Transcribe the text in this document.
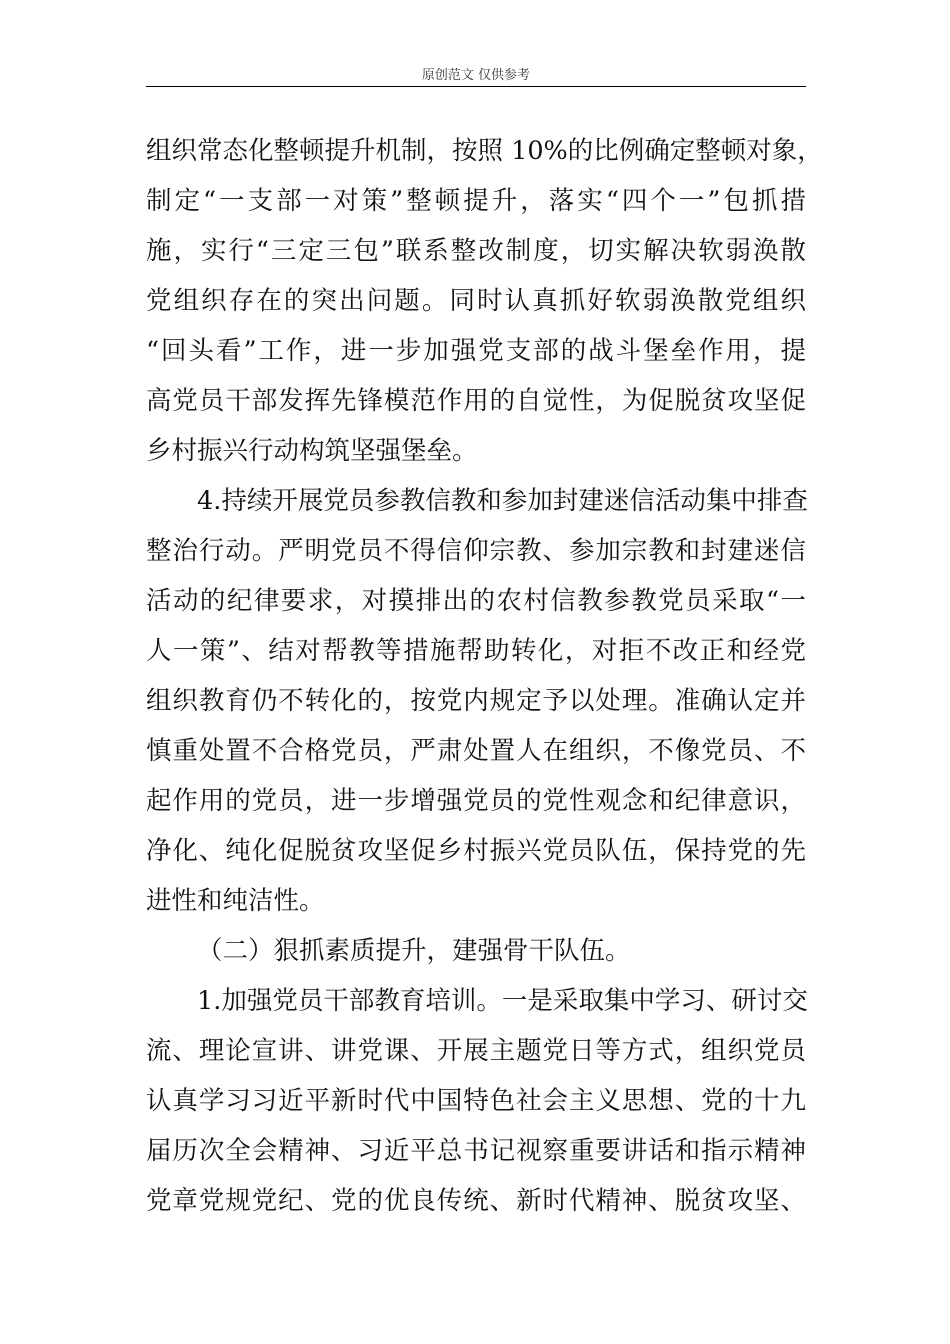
原创范文 仅供参考
组织常态化整顿提升机制，按照 10%的比例确定整顿对象，
制定“一支部一对策”整顿提升，落实“四个一”包抓措
施，实行“三定三包”联系整改制度，切实解决软弱涣散
党组织存在的突出问题。同时认真抓好软弱涣散党组织
“回头看”工作，进一步加强党支部的战斗堡垒作用，提
高党员干部发挥先锋模范作用的自觉性，为促脱贫攻坚促
乡村振兴行动构筑坚强堡垒。
4.持续开展党员参教信教和参加封建迷信活动集中排查
整治行动。严明党员不得信仰宗教、参加宗教和封建迷信
活动的纪律要求，对摸排出的农村信教参教党员采取“一
人一策”、结对帮教等措施帮助转化，对拒不改正和经党
组织教育仍不转化的，按党内规定予以处理。准确认定并
慎重处置不合格党员，严肃处置人在组织，不像党员、不
起作用的党员，进一步增强党员的党性观念和纪律意识，
净化、纯化促脱贫攻坚促乡村振兴党员队伍，保持党的先
进性和纯洁性。
（二）狠抓素质提升，建强骨干队伍。
1.加强党员干部教育培训。一是采取集中学习、研讨交
流、理论宣讲、讲党课、开展主题党日等方式，组织党员
认真学习习近平新时代中国特色社会主义思想、党的十九
届历次全会精神、习近平总书记视察重要讲话和指示精神
党章党规党纪、党的优良传统、新时代精神、脱贫攻坚、
